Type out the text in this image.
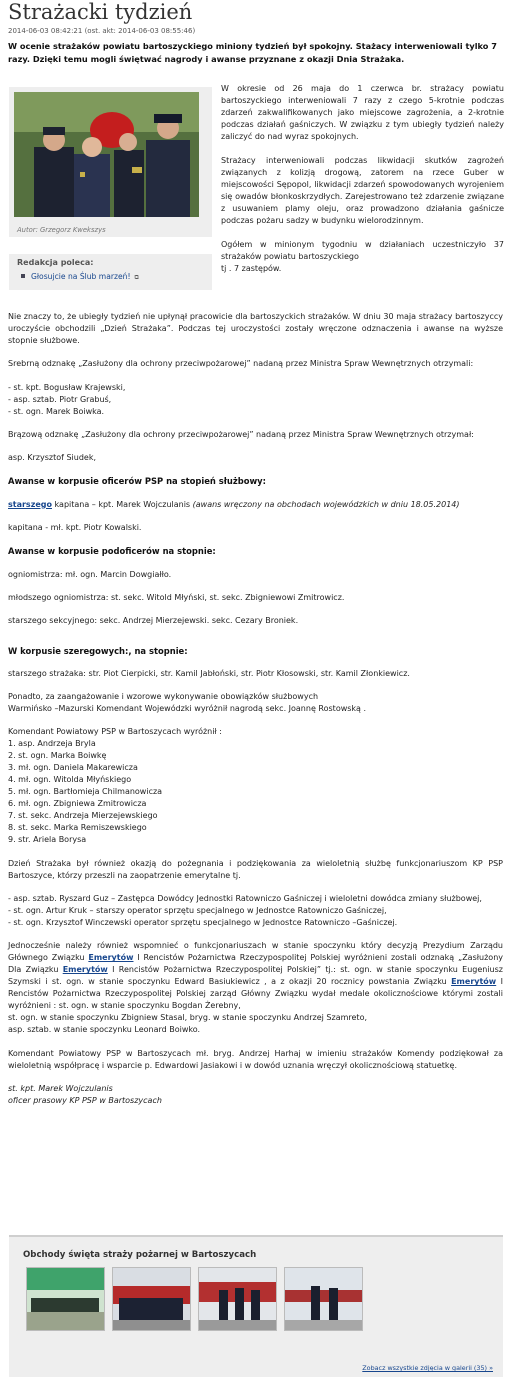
Strażacki tydzień
2014-06-03 08:42:21 (ost. akt: 2014-06-03 08:55:46)
W ocenie strażaków powiatu bartoszyckiego miniony tydzień był spokojny. Stażacy interweniowali tylko 7 razy. Dzięki temu mogli świętwać nagrody i awanse przyznane z okazji Dnia Strażaka.
Autor: Grzegorz Kwekszys
Redakcja poleca:
Głosujcie na Ślub marzeń! ⧉

W okresie od 26 maja do 1 czerwca br. strażacy powiatu bartoszyckiego interweniowali 7 razy z czego 5-krotnie podczas zdarzeń zakwalifikowanych jako miejscowe zagrożenia, a 2-krotnie podczas działań gaśniczych. W związku z tym ubiegły tydzień należy zaliczyć do nad wyraz spokojnych.

Strażacy interweniowali podczas likwidacji skutków zagrożeń związanych z kolizją drogową, zatorem na rzece Guber w miejscowości Sępopol, likwidacji zdarzeń spowodowanych wyrojeniem się owadów błonkoskrzydłych. Zarejestrowano też zdarzenie związane z usuwaniem plamy oleju, oraz prowadzono działania gaśnicze podczas pożaru sadzy w budynku wielorodzinnym.

Ogółem w minionym tygodniu w działaniach uczestniczyło 37 strażaków powiatu bartoszyckiego
tj . 7 zastępów.

Nie znaczy to, że ubiegły tydzień nie upłynął pracowicie dla bartoszyckich strażaków. W dniu 30 maja strażacy bartoszyccy uroczyście obchodzili „Dzień Strażaka”. Podczas tej uroczystości zostały wręczone odznaczenia i awanse na wyższe stopnie służbowe.

Srebrną odznakę „Zasłużony dla ochrony przeciwpożarowej” nadaną przez Ministra Spraw Wewnętrznych otrzymali:

- st. kpt. Bogusław Krajewski,
- asp. sztab. Piotr Grabuś,
- st. ogn. Marek Boiwka.

Brązową odznakę „Zasłużony dla ochrony przeciwpożarowej” nadaną przez Ministra Spraw Wewnętrznych otrzymał:

asp. Krzysztof Siudek,

Awanse w korpusie oficerów PSP na stopień służbowy:

starszego kapitana – kpt. Marek Wojczulanis (awans wręczony na obchodach wojewódzkich w dniu 18.05.2014)

kapitana - mł. kpt. Piotr Kowalski.

Awanse w korpusie podoficerów na stopnie:

ogniomistrza: mł. ogn. Marcin Dowgiałło.

młodszego ogniomistrza: st. sekc. Witold Młyński, st. sekc. Zbigniewowi Zmitrowicz.

starszego sekcyjnego: sekc. Andrzej Mierzejewski. sekc. Cezary Broniek.

W korpusie szeregowych:, na stopnie:

starszego strażaka: str. Piot Cierpicki, str. Kamil Jabłoński, str. Piotr Kłosowski, str. Kamil Złonkiewicz.

Ponadto, za zaangażowanie i wzorowe wykonywanie obowiązków służbowych
Warmińsko –Mazurski Komendant Wojewódzki wyróżnił nagrodą sekc. Joannę Rostowską .
Komendant Powiatowy PSP w Bartoszycach wyróżnił :
1. asp. Andrzeja Bryla
2. st. ogn. Marka Boiwkę
3. mł. ogn. Daniela Makarewicza
4. mł. ogn. Witolda Młyńskiego
5. mł. ogn. Bartłomieja Chilmanowicza
6. mł. ogn. Zbigniewa Zmitrowicza
7. st. sekc. Andrzeja Mierzejewskiego
8. st. sekc. Marka Remiszewskiego
9. str. Ariela Borysa

Dzień Strażaka był również okazją do pożegnania i podziękowania za wieloletnią służbę funkcjonariuszom KP PSP Bartoszyce, którzy przeszli na zaopatrzenie emerytalne tj.

- asp. sztab. Ryszard Guz – Zastępca Dowódcy Jednostki Ratowniczo Gaśniczej i wieloletni dowódca zmiany służbowej,
- st. ogn. Artur Kruk – starszy operator sprzętu specjalnego w Jednostce Ratowniczo Gaśniczej,
- st. ogn. Krzysztof Winczewski operator sprzętu specjalnego w Jednostce Ratowniczo –Gaśniczej.
Jednocześnie należy również wspomnieć o funkcjonariuszach w stanie spoczynku który decyzją Prezydium Zarządu Głównego Związku Emerytów I Rencistów Pożarnictwa Rzeczypospolitej Polskiej wyróżnieni zostali odznaką „Zasłużony Dla Związku Emerytów I Rencistów Pożarnictwa Rzeczypospolitej Polskiej” tj.: st. ogn. w stanie spoczynku Eugeniusz Szymski i st. ogn. w stanie spoczynku Edward Basiukiewicz , a z okazji 20 rocznicy powstania Związku Emerytów I Rencistów Pożarnictwa Rzeczypospolitej Polskiej zarząd Główny Związku wydał medale okolicznościowe którymi zostali wyróżnieni : st. ogn. w stanie spoczynku Bogdan Żerebny,
st. ogn. w stanie spoczynku Zbigniew Stasal, bryg. w stanie spoczynku Andrzej Szamreto,
asp. sztab. w stanie spoczynku Leonard Boiwko.

Komendant Powiatowy PSP w Bartoszycach mł. bryg. Andrzej Harhaj w imieniu strażaków Komendy podziękował za wieloletnią współpracę i wsparcie p. Edwardowi Jasiakowi i w dowód uznania wręczył okolicznościową statuetkę.

st. kpt. Marek Wojczulanis
oficer prasowy KP PSP w Bartoszycach
Obchody święta straży pożarnej w Bartoszycach
Zobacz wszystkie zdjęcia w galerii (35) »
